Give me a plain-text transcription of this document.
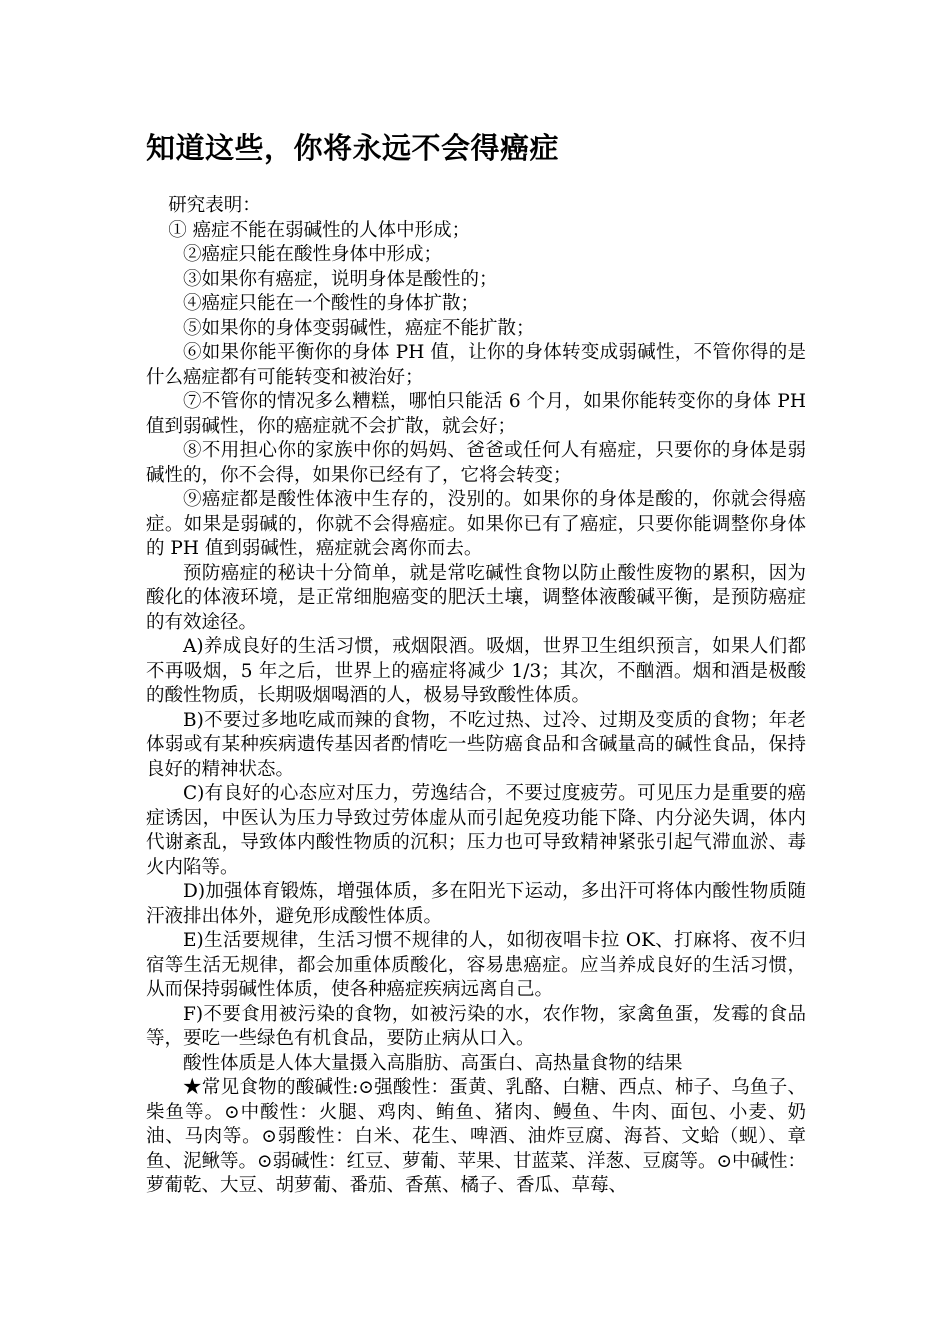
知道这些，你将永远不会得癌症

研究表明：

① 癌症不能在弱碱性的人体中形成；

②癌症只能在酸性身体中形成；

③如果你有癌症，说明身体是酸性的；

④癌症只能在一个酸性的身体扩散；

⑤如果你的身体变弱碱性，癌症不能扩散；

⑥如果你能平衡你的身体 PH 值，让你的身体转变成弱碱性，不管你得的是什么癌症都有可能转变和被治好；

⑦不管你的情况多么糟糕，哪怕只能活 6 个月，如果你能转变你的身体 PH 值到弱碱性，你的癌症就不会扩散，就会好；

⑧不用担心你的家族中你的妈妈、爸爸或任何人有癌症，只要你的身体是弱碱性的，你不会得，如果你已经有了，它将会转变；

⑨癌症都是酸性体液中生存的，没别的。如果你的身体是酸的，你就会得癌症。如果是弱碱的，你就不会得癌症。如果你已有了癌症，只要你能调整你身体的 PH 值到弱碱性，癌症就会离你而去。

预防癌症的秘诀十分简单，就是常吃碱性食物以防止酸性废物的累积，因为酸化的体液环境，是正常细胞癌变的肥沃土壤，调整体液酸碱平衡，是预防癌症的有效途径。

A)养成良好的生活习惯，戒烟限酒。吸烟，世界卫生组织预言，如果人们都不再吸烟，5 年之后，世界上的癌症将减少 1/3；其次，不酗酒。烟和酒是极酸的酸性物质，长期吸烟喝酒的人，极易导致酸性体质。

B)不要过多地吃咸而辣的食物，不吃过热、过冷、过期及变质的食物；年老体弱或有某种疾病遗传基因者酌情吃一些防癌食品和含碱量高的碱性食品，保持良好的精神状态。

C)有良好的心态应对压力，劳逸结合，不要过度疲劳。可见压力是重要的癌症诱因，中医认为压力导致过劳体虚从而引起免疫功能下降、内分泌失调，体内代谢紊乱，导致体内酸性物质的沉积；压力也可导致精神紧张引起气滞血淤、毒火内陷等。

D)加强体育锻炼，增强体质，多在阳光下运动，多出汗可将体内酸性物质随汗液排出体外，避免形成酸性体质。

E)生活要规律，生活习惯不规律的人，如彻夜唱卡拉 OK、打麻将、夜不归宿等生活无规律，都会加重体质酸化，容易患癌症。应当养成良好的生活习惯，从而保持弱碱性体质，使各种癌症疾病远离自己。

F)不要食用被污染的食物，如被污染的水，农作物，家禽鱼蛋，发霉的食品等，要吃一些绿色有机食品，要防止病从口入。

酸性体质是人体大量摄入高脂肪、高蛋白、高热量食物的结果

★常见食物的酸碱性:⊙强酸性：蛋黄、乳酪、白糖、西点、柿子、乌鱼子、柴鱼等。⊙中酸性：火腿、鸡肉、鲔鱼、猪肉、鳗鱼、牛肉、面包、小麦、奶油、马肉等。⊙弱酸性：白米、花生、啤酒、油炸豆腐、海苔、文蛤（蚬）、章鱼、泥鳅等。⊙弱碱性：红豆、萝葡、苹果、甘蓝菜、洋葱、豆腐等。⊙中碱性：萝葡乾、大豆、胡萝葡、番茄、香蕉、橘子、香瓜、草莓、
